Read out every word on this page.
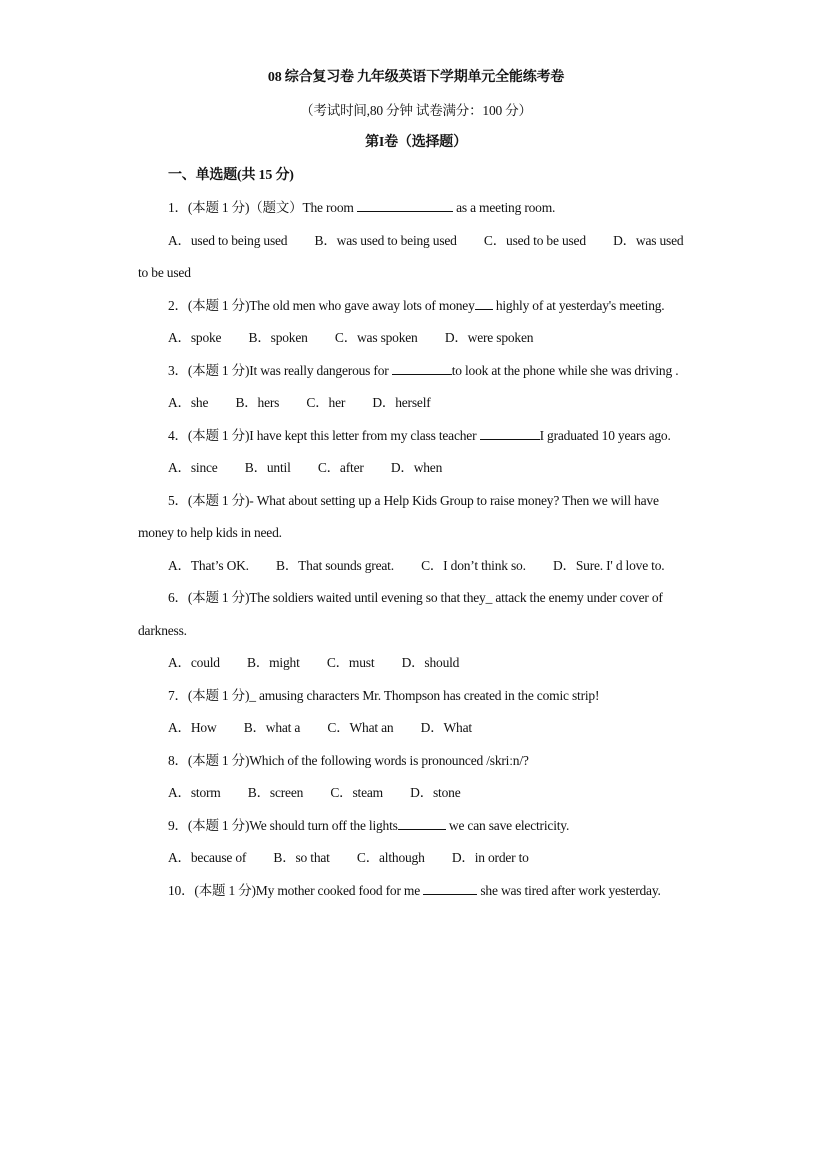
08 综合复习卷 九年级英语下学期单元全能练考卷
（考试时间,80 分钟 试卷满分：100 分）
第I卷（选择题）
一、单选题(共 15 分)

1．(本题 1 分)（题文）The room	as a meeting room.

A．used to being used B．was used to being used C．used to be used D．was used to be used

2．(本题 1 分)The old men who gave away lots of money highly of at yesterday's meeting.

A．spoke B．spoken C．was spoken D．were spoken

3．(本题 1 分)It was really dangerous for	to look at the phone while she was driving .

A．she B．hers C．her D．herself

4．(本题 1 分)I have kept this letter from my class teacher	I graduated 10 years ago.

A．since B．until C．after D．when

5．(本题 1 分)- What about setting up a Help Kids Group to raise money? Then we will have money to help kids in need.

A．That’s OK. B．That sounds great. C．I don’t think so. D．Sure. I' d love to.

6．(本题 1 分)The soldiers waited until evening so that they_ attack the enemy under cover of darkness.

A．could B．might C．must D．should

7．(本题 1 分)_ amusing characters Mr. Thompson has created in the comic strip!

A．How B．what a C．What an D．What

8．(本题 1 分)Which of the following words is pronounced /skriːn/?

A．storm B．screen C．steam D．stone

9．(本题 1 分)We should turn off the lights	we can save electricity.

A．because of B．so that C．although D．in order to

10．(本题 1 分)My mother cooked food for me	she was tired after work yesterday.
